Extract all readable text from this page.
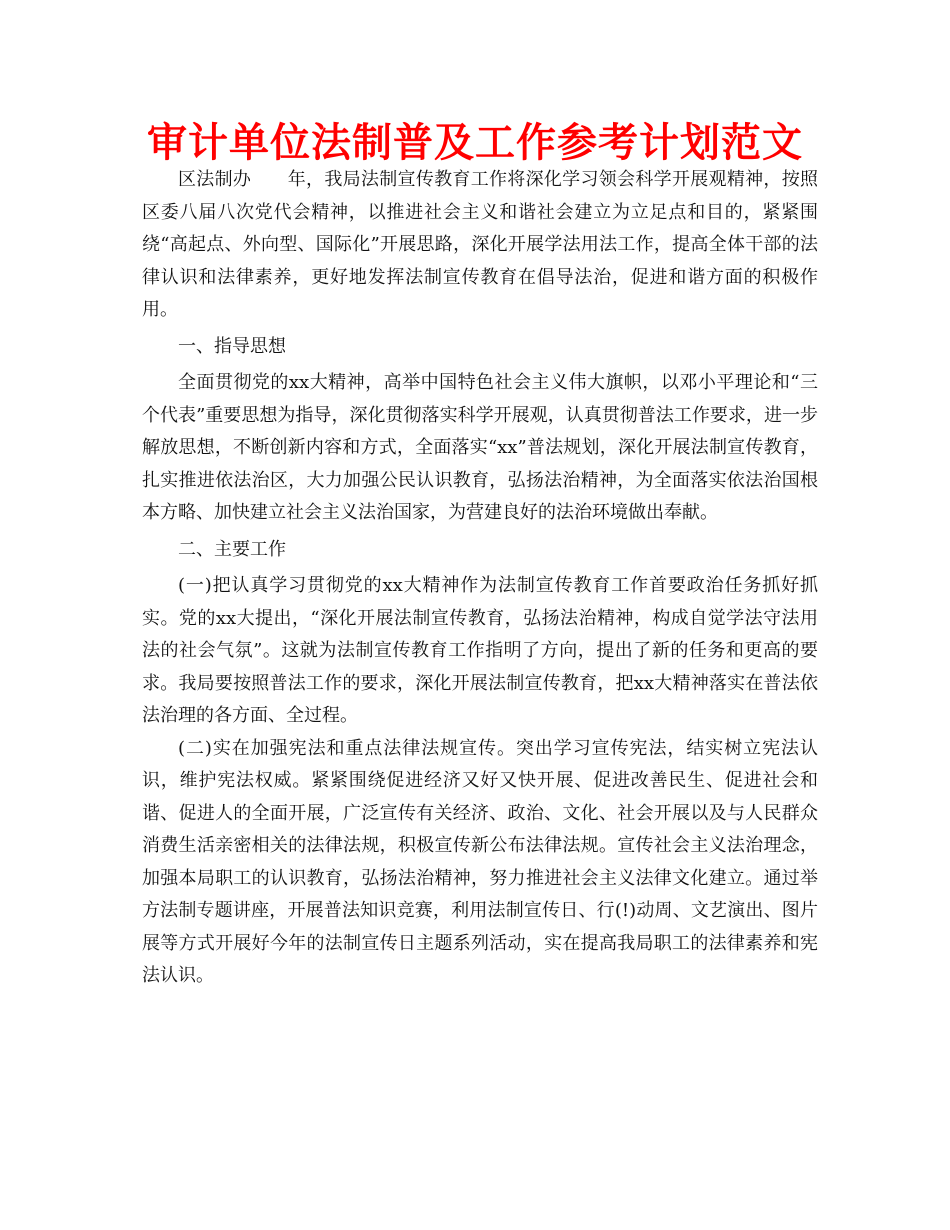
审计单位法制普及工作参考计划范文

区法制办　　年，我局法制宣传教育工作将深化学习领会科学开展观精神，按照区委八届八次党代会精神，以推进社会主义和谐社会建立为立足点和目的，紧紧围绕“高起点、外向型、国际化”开展思路，深化开展学法用法工作，提高全体干部的法律认识和法律素养，更好地发挥法制宣传教育在倡导法治，促进和谐方面的积极作用。

一、指导思想

全面贯彻党的xx大精神，高举中国特色社会主义伟大旗帜，以邓小平理论和“三个代表”重要思想为指导，深化贯彻落实科学开展观，认真贯彻普法工作要求，进一步解放思想，不断创新内容和方式，全面落实“xx”普法规划，深化开展法制宣传教育，扎实推进依法治区，大力加强公民认识教育，弘扬法治精神，为全面落实依法治国根本方略、加快建立社会主义法治国家，为营建良好的法治环境做出奉献。

二、主要工作

(一)把认真学习贯彻党的xx大精神作为法制宣传教育工作首要政治任务抓好抓实。党的xx大提出，“深化开展法制宣传教育，弘扬法治精神，构成自觉学法守法用法的社会气氛”。这就为法制宣传教育工作指明了方向，提出了新的任务和更高的要求。我局要按照普法工作的要求，深化开展法制宣传教育，把xx大精神落实在普法依法治理的各方面、全过程。

(二)实在加强宪法和重点法律法规宣传。突出学习宣传宪法，结实树立宪法认识，维护宪法权威。紧紧围绕促进经济又好又快开展、促进改善民生、促进社会和谐、促进人的全面开展，广泛宣传有关经济、政治、文化、社会开展以及与人民群众消费生活亲密相关的法律法规，积极宣传新公布法律法规。宣传社会主义法治理念，加强本局职工的认识教育，弘扬法治精神，努力推进社会主义法律文化建立。通过举方法制专题讲座，开展普法知识竞赛，利用法制宣传日、行(!)动周、文艺演出、图片展等方式开展好今年的法制宣传日主题系列活动，实在提高我局职工的法律素养和宪法认识。
